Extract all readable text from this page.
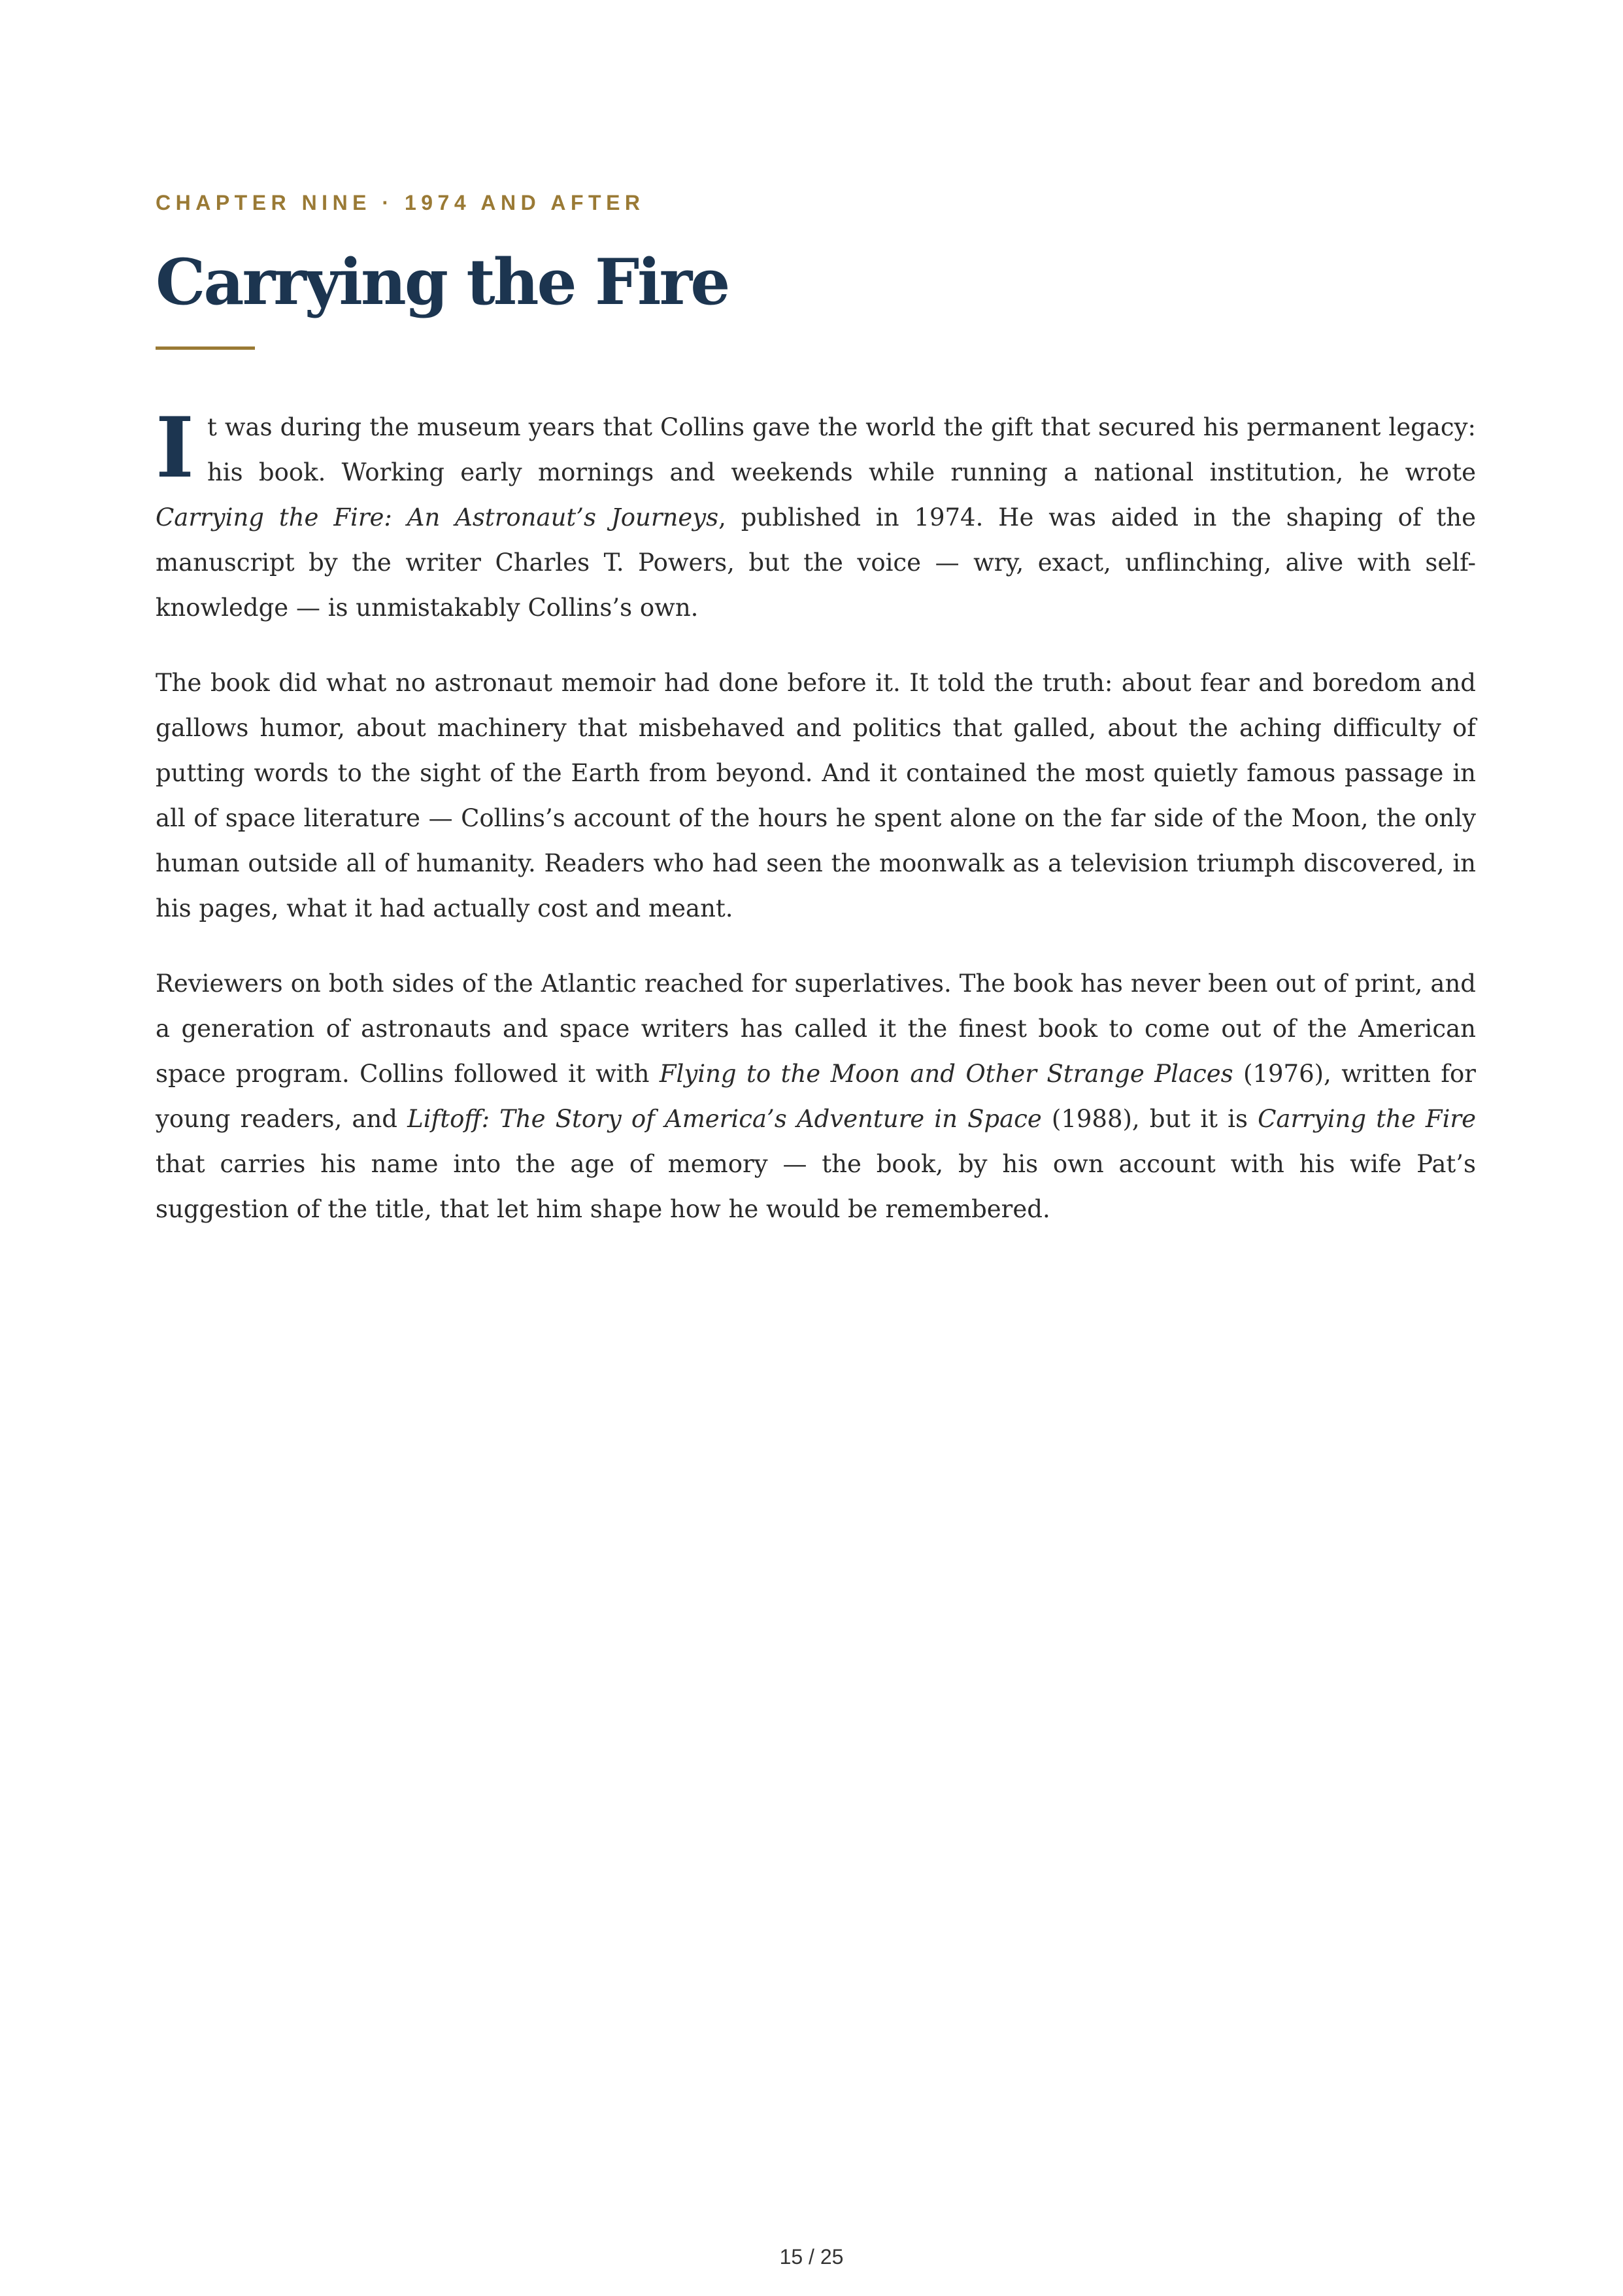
CHAPTER NINE · 1974 AND AFTER
Carrying the Fire

It was during the museum years that Collins gave the world the gift that secured his permanent legacy: his book. Working early mornings and weekends while running a national institution, he wrote Carrying the Fire: An Astronaut’s Journeys, published in 1974. He was aided in the shaping of the manuscript by the writer Charles T. Powers, but the voice — wry, exact, unflinching, alive with self-knowledge — is unmistakably Collins’s own.

The book did what no astronaut memoir had done before it. It told the truth: about fear and boredom and gallows humor, about machinery that misbehaved and politics that galled, about the aching difficulty of putting words to the sight of the Earth from beyond. And it contained the most quietly famous passage in all of space literature — Collins’s account of the hours he spent alone on the far side of the Moon, the only human outside all of humanity. Readers who had seen the moonwalk as a television triumph discovered, in his pages, what it had actually cost and meant.

Reviewers on both sides of the Atlantic reached for superlatives. The book has never been out of print, and a generation of astronauts and space writers has called it the finest book to come out of the American space program. Collins followed it with Flying to the Moon and Other Strange Places (1976), written for young readers, and Liftoff: The Story of America’s Adventure in Space (1988), but it is Carrying the Fire that carries his name into the age of memory — the book, by his own account with his wife Pat’s suggestion of the title, that let him shape how he would be remembered.

15 / 25
